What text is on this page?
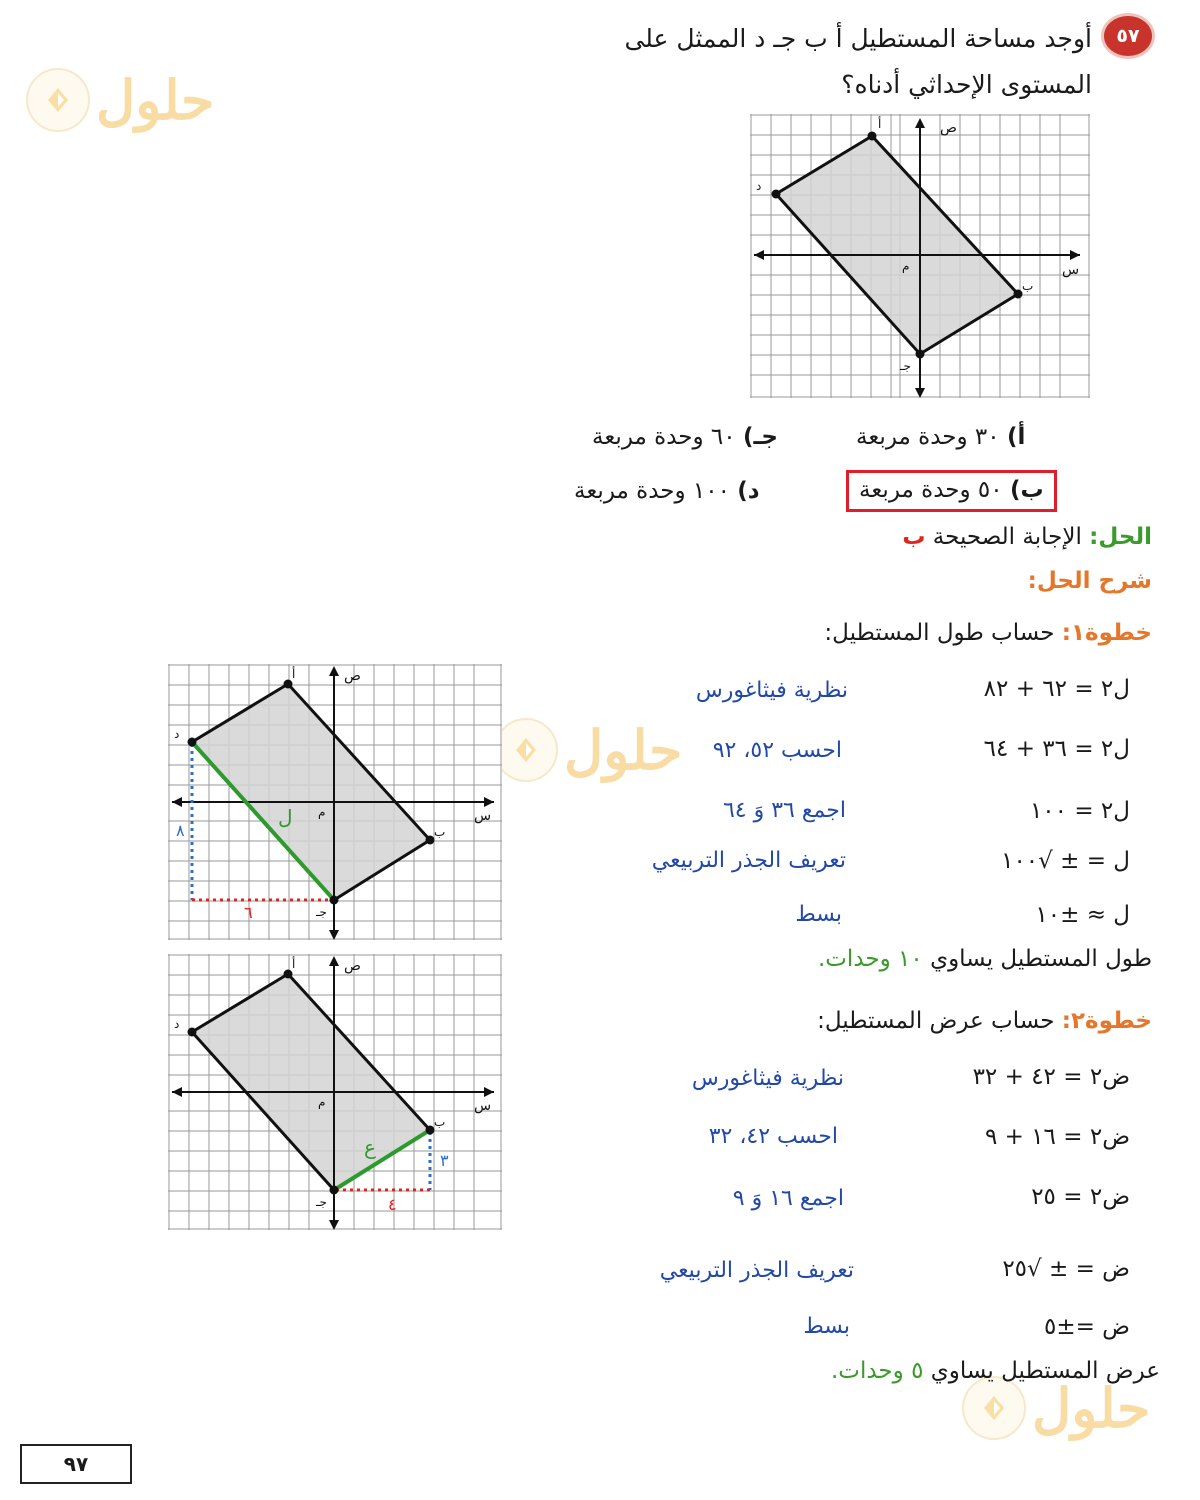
حلول
حلول
حلول
٥٧
أوجد مساحة المستطيل أ ب جـ د الممثل على المستوى الإحداثي أدناه؟
ص
س
م
أ
ب
جـ
د
أ) ٣٠ وحدة مربعة
جـ) ٦٠ وحدة مربعة
ب) ٥٠ وحدة مربعة
د) ١٠٠ وحدة مربعة
الحل: الإجابة الصحيحة ب
شرح الحل:
خطوة١: حساب طول المستطيل:
ل٢ = ٦٢ + ٨٢
نظرية فيثاغورس
ل٢ = ٣٦ + ٦٤
احسب ٥٢، ٩٢
ل٢ = ١٠٠
اجمع ٣٦ وَ ٦٤
ل = ± √١٠٠
تعريف الجذر التربيعي
ل ≈ ±١٠
بسط
طول المستطيل يساوي ١٠ وحدات.
ص
س
م
أ
ب
جـ
د
ل
٦
٨
خطوة٢: حساب عرض المستطيل:
ض٢ = ٤٢ + ٣٢
نظرية فيثاغورس
ض٢ = ١٦ + ٩
احسب ٤٢، ٣٢
ض٢ = ٢٥
اجمع ١٦ وَ ٩
ض = ± √٢٥
تعريف الجذر التربيعي
ض =±٥
بسط
عرض المستطيل يساوي ٥ وحدات.
ص
س
م
أ
ب
جـ
د
ع
٤
٣
٩٧
